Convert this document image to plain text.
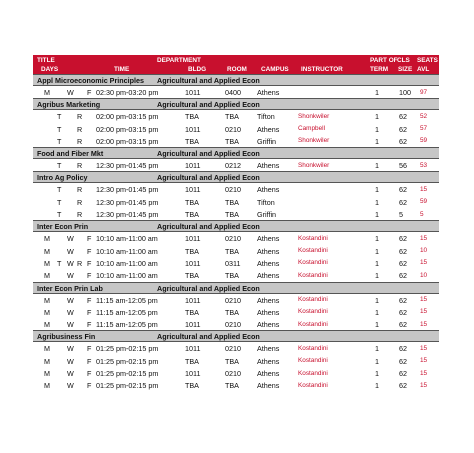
TITLE	DEPARTMENT	PART OF CLS SEATS
DAYS	TIME	BLDG	ROOM CAMPUS INSTRUCTOR	TERM SIZE AVL
Appl Microeconomic Principles Agricultural and Applied Econ
M W F 02:30 pm-03:20 pm	1011	0400 Athens	1	100 97
Agribus Marketing	Agricultural and Applied Econ
T R 02:00 pm-03:15 pm	TBA	TBA	Tifton	Shonkwiler	1	62 52
T R 02:00 pm-03:15 pm	1011	0210 Athens	Campbell	1	62 57
T R 02:00 pm-03:15 pm	TBA	TBA	Griffin	Shonkwiler	1	62 59
Food and Fiber Mkt	Agricultural and Applied Econ
T R 12:30 pm-01:45 pm	1011	0212 Athens	Shonkwiler	1	56 53
Intro Ag Policy	Agricultural and Applied Econ
T R 12:30 pm-01:45 pm	1011	0210 Athens	1	62 15
T R 12:30 pm-01:45 pm	TBA	TBA	Tifton	1	62 59
T R 12:30 pm-01:45 pm	TBA	TBA	Griffin	1	5	5
Inter Econ Prin	Agricultural and Applied Econ
M W F 10:10 am-11:00 am	1011	0210 Athens	Kostandini	1	62 15
M W F 10:10 am-11:00 am	TBA	TBA	Athens	Kostandini	1	62 10
M T W R F 10:10 am-11:00 am	1011	0311 Athens	Kostandini	1	62 15
M W F 10:10 am-11:00 am	TBA	TBA	Athens	Kostandini	1	62 10
Inter Econ Prin Lab	Agricultural and Applied Econ
M W F 11:15 am-12:05 pm	1011	0210 Athens	Kostandini	1	62 15
M W F 11:15 am-12:05 pm	TBA	TBA	Athens	Kostandini	1	62 15
M W F 11:15 am-12:05 pm	1011	0210 Athens	Kostandini	1	62 15
Agribusiness Fin	Agricultural and Applied Econ
M W F 01:25 pm-02:15 pm	1011	0210 Athens	Kostandini	1	62 15
M W F 01:25 pm-02:15 pm	TBA	TBA	Athens	Kostandini	1	62 15
M W F 01:25 pm-02:15 pm	1011	0210 Athens	Kostandini	1	62 15
M W F 01:25 pm-02:15 pm	TBA	TBA	Athens	Kostandini	1	62 15
